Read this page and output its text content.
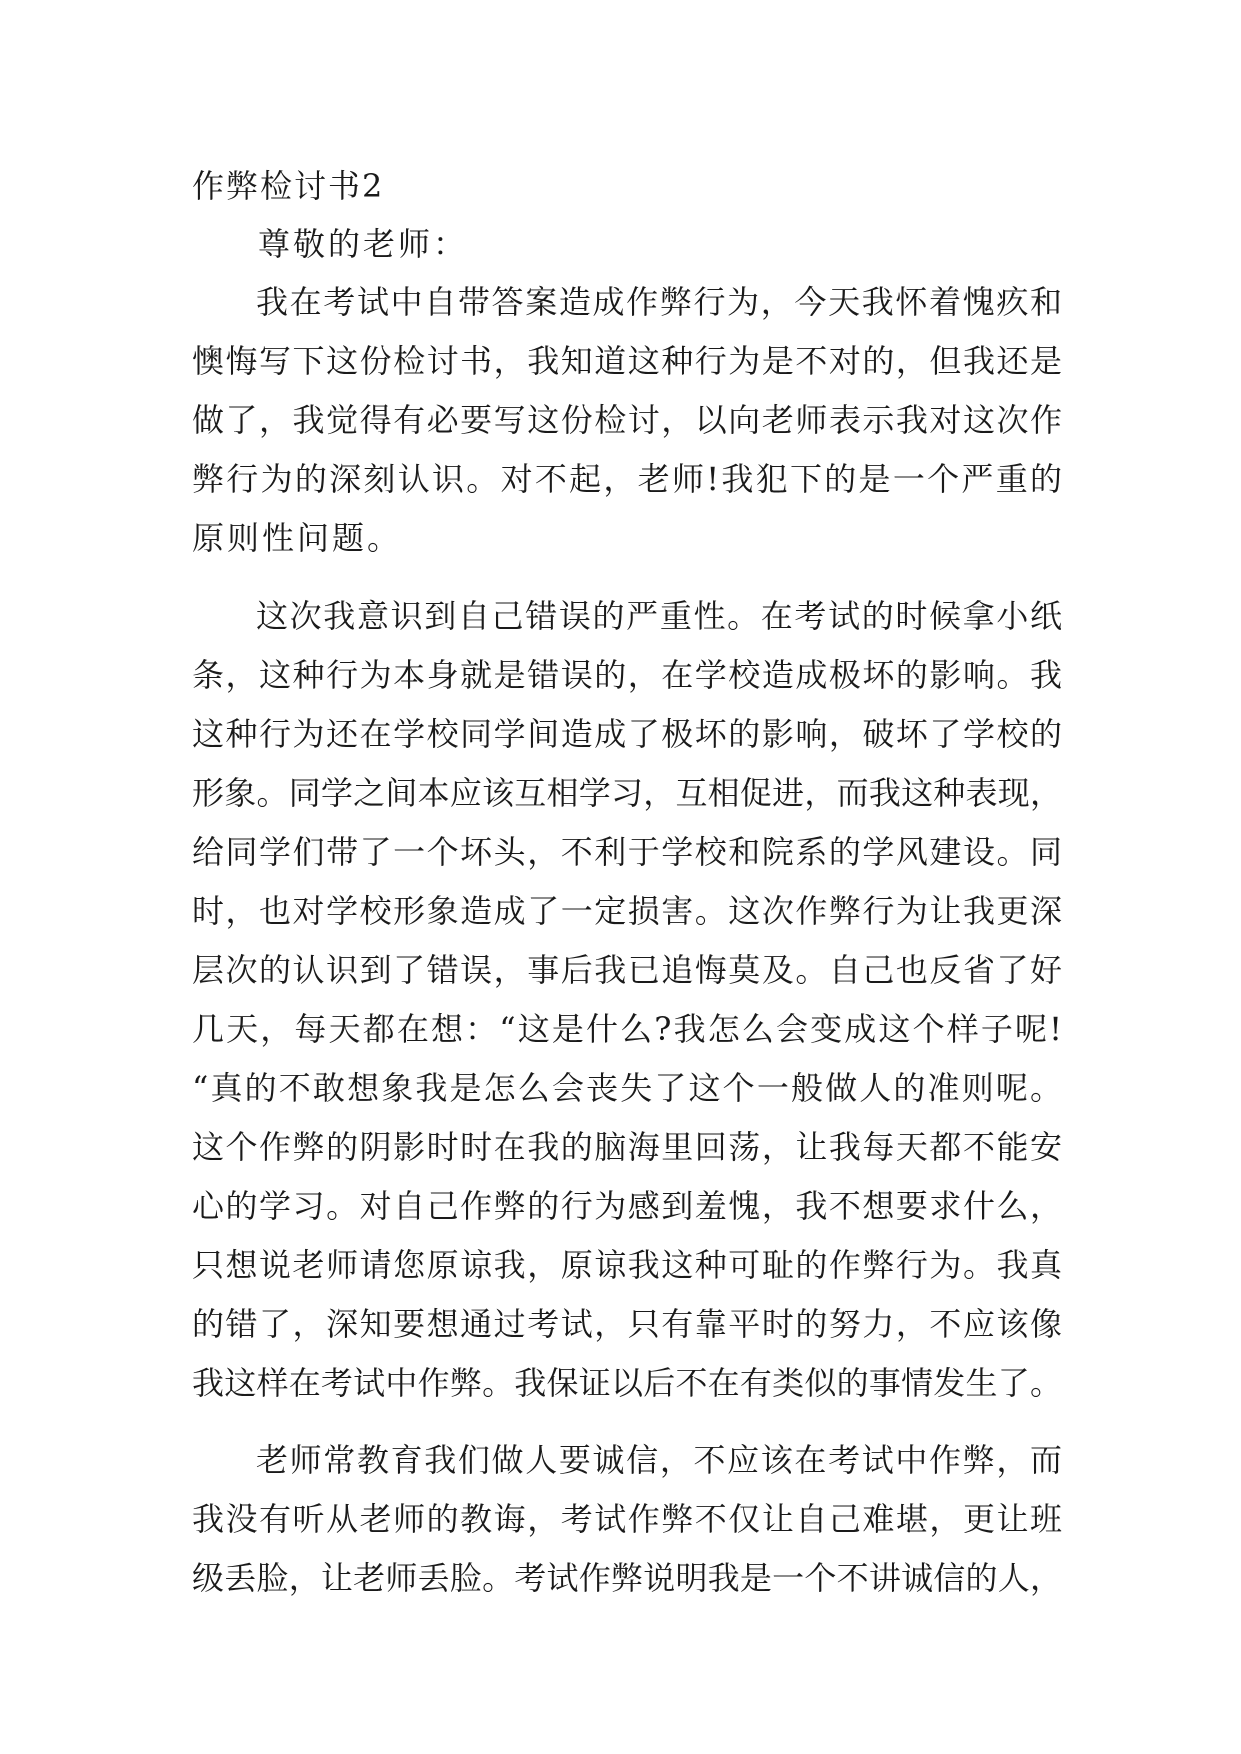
作弊检讨书2
尊敬的老师：
我在考试中自带答案造成作弊行为，今天我怀着愧疚和
懊悔写下这份检讨书，我知道这种行为是不对的，但我还是
做了，我觉得有必要写这份检讨，以向老师表示我对这次作
弊行为的深刻认识。对不起，老师!我犯下的是一个严重的
原则性问题。
这次我意识到自己错误的严重性。在考试的时候拿小纸
条，这种行为本身就是错误的，在学校造成极坏的影响。我
这种行为还在学校同学间造成了极坏的影响，破坏了学校的
形象。同学之间本应该互相学习，互相促进，而我这种表现，
给同学们带了一个坏头，不利于学校和院系的学风建设。同
时，也对学校形象造成了一定损害。这次作弊行为让我更深
层次的认识到了错误，事后我已追悔莫及。自己也反省了好
几天，每天都在想：“这是什么?我怎么会变成这个样子呢!
“真的不敢想象我是怎么会丧失了这个一般做人的准则呢。
这个作弊的阴影时时在我的脑海里回荡，让我每天都不能安
心的学习。对自己作弊的行为感到羞愧，我不想要求什么，
只想说老师请您原谅我，原谅我这种可耻的作弊行为。我真
的错了，深知要想通过考试，只有靠平时的努力，不应该像
我这样在考试中作弊。我保证以后不在有类似的事情发生了。
老师常教育我们做人要诚信，不应该在考试中作弊，而
我没有听从老师的教诲，考试作弊不仅让自己难堪，更让班
级丢脸，让老师丢脸。考试作弊说明我是一个不讲诚信的人，
